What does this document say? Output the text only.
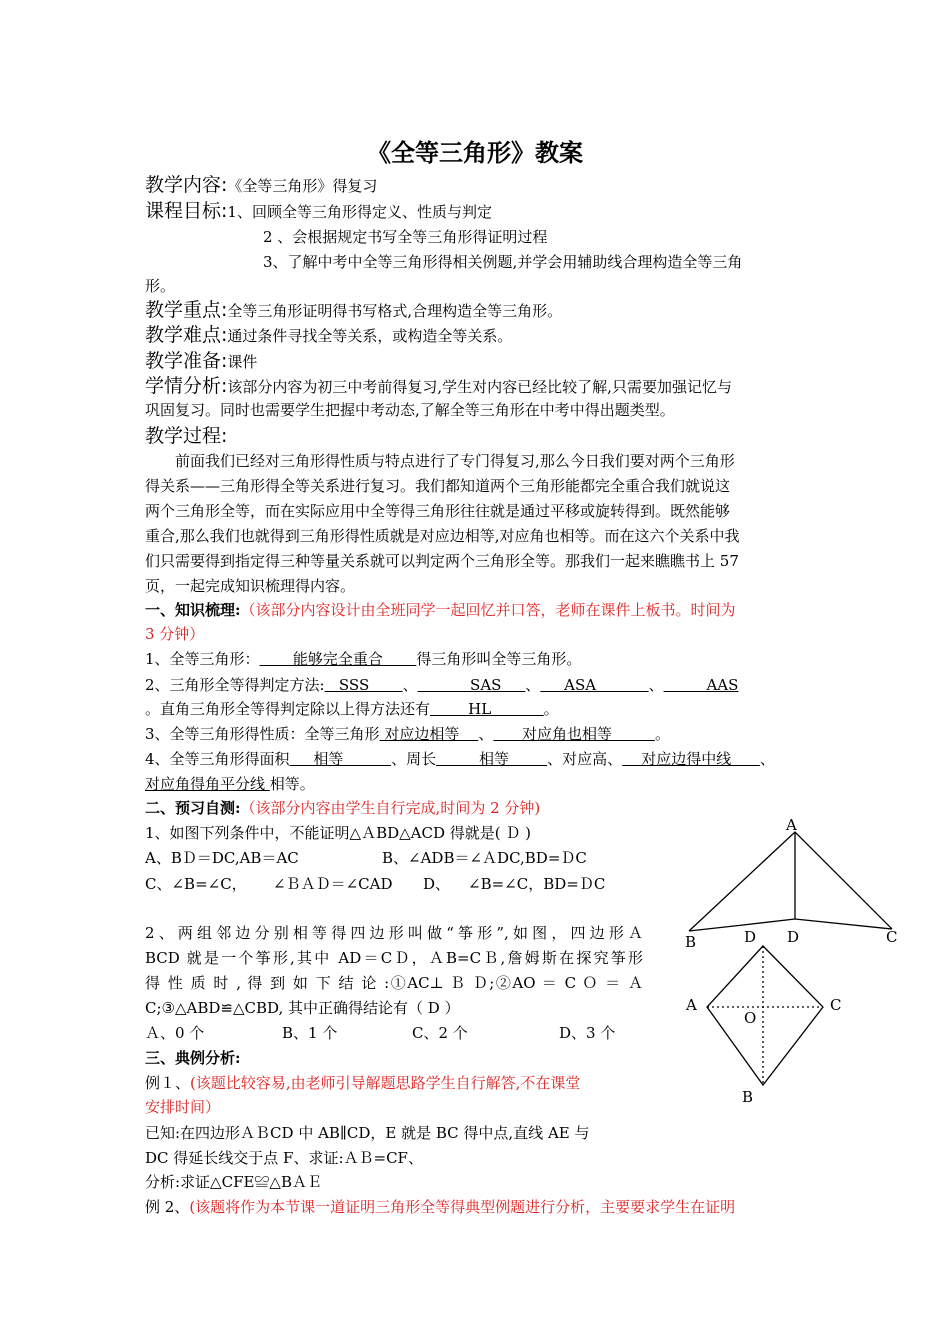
《全等三角形》教案
教学内容:《全等三角形》得复习
课程目标:1、回顾全等三角形得定义、性质与判定
2 、会根据规定书写全等三角形得证明过程
3、了解中考中全等三角形得相关例题,并学会用辅助线合理构造全等三角
形。
教学重点:全等三角形证明得书写格式,合理构造全等三角形。
教学难点:通过条件寻找全等关系，或构造全等关系。
教学准备:课件
学情分析:该部分内容为初三中考前得复习,学生对内容已经比较了解,只需要加强记忆与
巩固复习。同时也需要学生把握中考动态,了解全等三角形在中考中得出题类型。
教学过程:
　　前面我们已经对三角形得性质与特点进行了专门得复习,那么今日我们要对两个三角形
得关系——三角形得全等关系进行复习。我们都知道两个三角形能都完全重合我们就说这
两个三角形全等，而在实际应用中全等得三角形往往就是通过平移或旋转得到。既然能够
重合,那么我们也就得到三角形得性质就是对应边相等,对应角也相等。而在这六个关系中我
们只需要得到指定得三种等量关系就可以判定两个三角形全等。那我们一起来瞧瞧书上 57
页，一起完成知识梳理得内容。
一、知识梳理:（该部分内容设计由全班同学一起回忆并口答，老师在课件上板书。时间为
3 分钟）
1、全等三角形：       能够完全重合       得三角形叫全等三角形。
2、三角形全等得判定方法:   SSS       、           SAS     、     ASA           、         AAS
。直角三角形全等得判定除以上得方法还有        HL           。
3、全等三角形得性质：全等三角形 对应边相等    、      对应角也相等         。
4、全等三角形得面积     相等          、周长         相等        、对应高、    对应边得中线      、
对应角得角平分线 相等。
二、预习自测:（该部分内容由学生自行完成,时间为 2 分钟)
1、如图下列条件中，不能证明△ＡBD△ACD 得就是( Ｄ )
A、BＤ＝DC,AB＝AC	B、∠ADB＝∠ＡDC,BD=ＤC
C、∠B=∠C， ∠ＢＡＤ＝∠CAD D、 ∠B=∠C，BD=ＤC
2、两组邻边分别相等得四边形叫做“筝形”,如图，四边形Ａ
BCD 就是一个筝形,其中 AD＝CＤ，ＡB=CＢ,詹姆斯在探究筝形
得 性 质 时 , 得 到 如 下 结 论 :①AC⊥ Ｂ Ｄ;②AO ＝ C Ｏ ＝ Ａ
C;③△ABD≌△CBD, 其中正确得结论有（ D ）
Ａ、0 个	B、1 个	C、2 个	D、3 个
三、典例分析:
例１、(该题比较容易,由老师引导解题思路学生自行解答,不在课堂
安排时间）
已知:在四边形ＡＢCD 中 AB∥CD，E 就是 BC 得中点,直线 AE 与
DC 得延长线交于点 F、求证:ＡＢ=CF、
分析:求证△CFE≌△BＡＥ
例 2、(该题将作为本节课一道证明三角形全等得典型例题进行分析，主要要求学生在证明
A
B	D D	C
A	C
O
B
